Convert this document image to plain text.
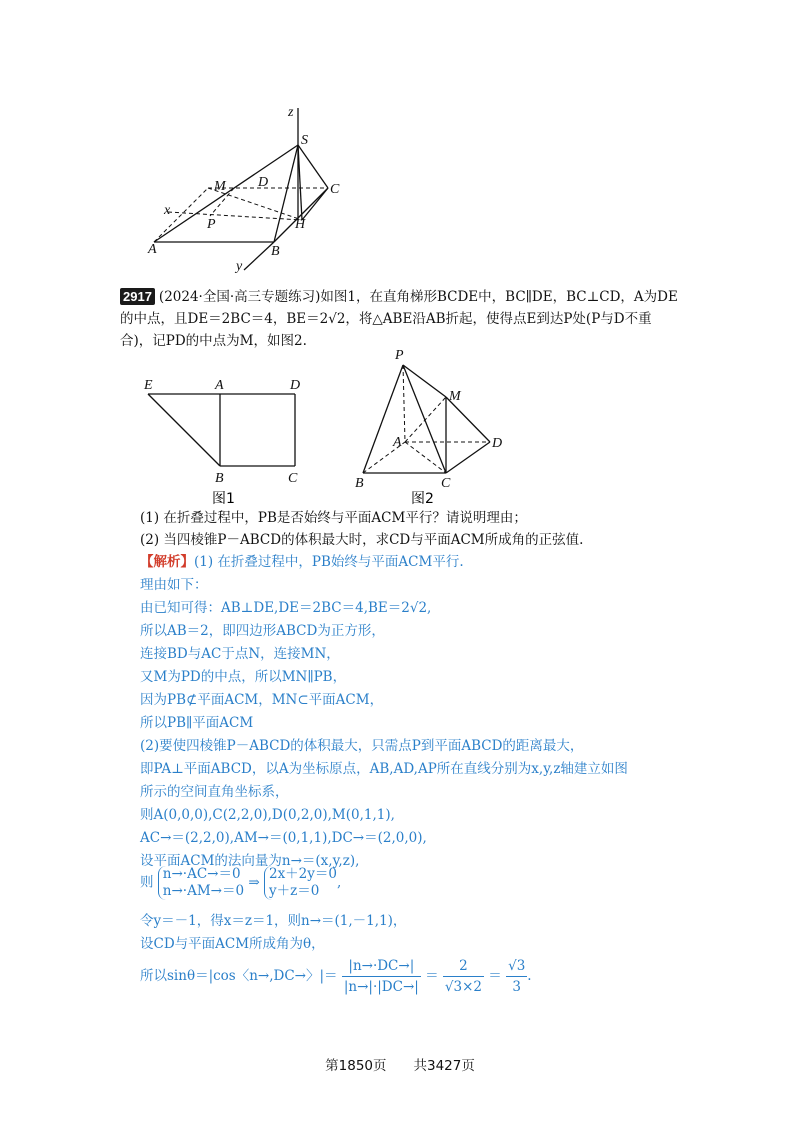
z
S
M D	C
x
P	H
A	B
y
2917 (2024·全国·高三专题练习)如图1，在直角梯形BCDE中，BC∥DE，BC⊥CD，A为DE的中点，且DE＝2BC＝4，BE＝2√2，将△ABE沿AB折起，使得点E到达P处(P与D不重合)，记PD的中点为M，如图2.
E	A	D
B	C
图1
P
M
A	D
B	C
图2
(1) 在折叠过程中，PB是否始终与平面ACM平行？请说明理由；
(2) 当四棱锥P－ABCD的体积最大时，求CD与平面ACM所成角的正弦值.
【解析】(1) 在折叠过程中，PB始终与平面ACM平行.
理由如下：
由已知可得：AB⊥DE,DE＝2BC＝4,BE＝2√2,
所以AB＝2，即四边形ABCD为正方形，
连接BD与AC于点N，连接MN，
又M为PD的中点，所以MN∥PB，
因为PB⊄平面ACM，MN⊂平面ACM，
所以PB∥平面ACM
(2)要使四棱锥P－ABCD的体积最大，只需点P到平面ABCD的距离最大，
即PA⊥平面ABCD，以A为坐标原点，AB,AD,AP所在直线分别为x,y,z轴建立如图
所示的空间直角坐标系，
则A(0,0,0),C(2,2,0),D(0,2,0),M(0,1,1),
AC→＝(2,2,0),AM→＝(0,1,1),DC→＝(2,0,0),
设平面ACM的法向量为n→＝(x,y,z),
则
n→·AC→＝0
n→·AM→＝0
⇒
2x＋2y＝0
y＋z＝0
,
令y＝－1，得x＝z＝1，则n→＝(1,－1,1)，
设CD与平面ACM所成角为θ，
所以sinθ＝|cos〈n→,DC→〉|＝ $\frac{|n\to\cdot DC\to|}{|n\to|\cdot|DC\to|} = \frac{2}{√3\times 2} = \frac{√3}{3}$ .
第1850页　　共3427页
